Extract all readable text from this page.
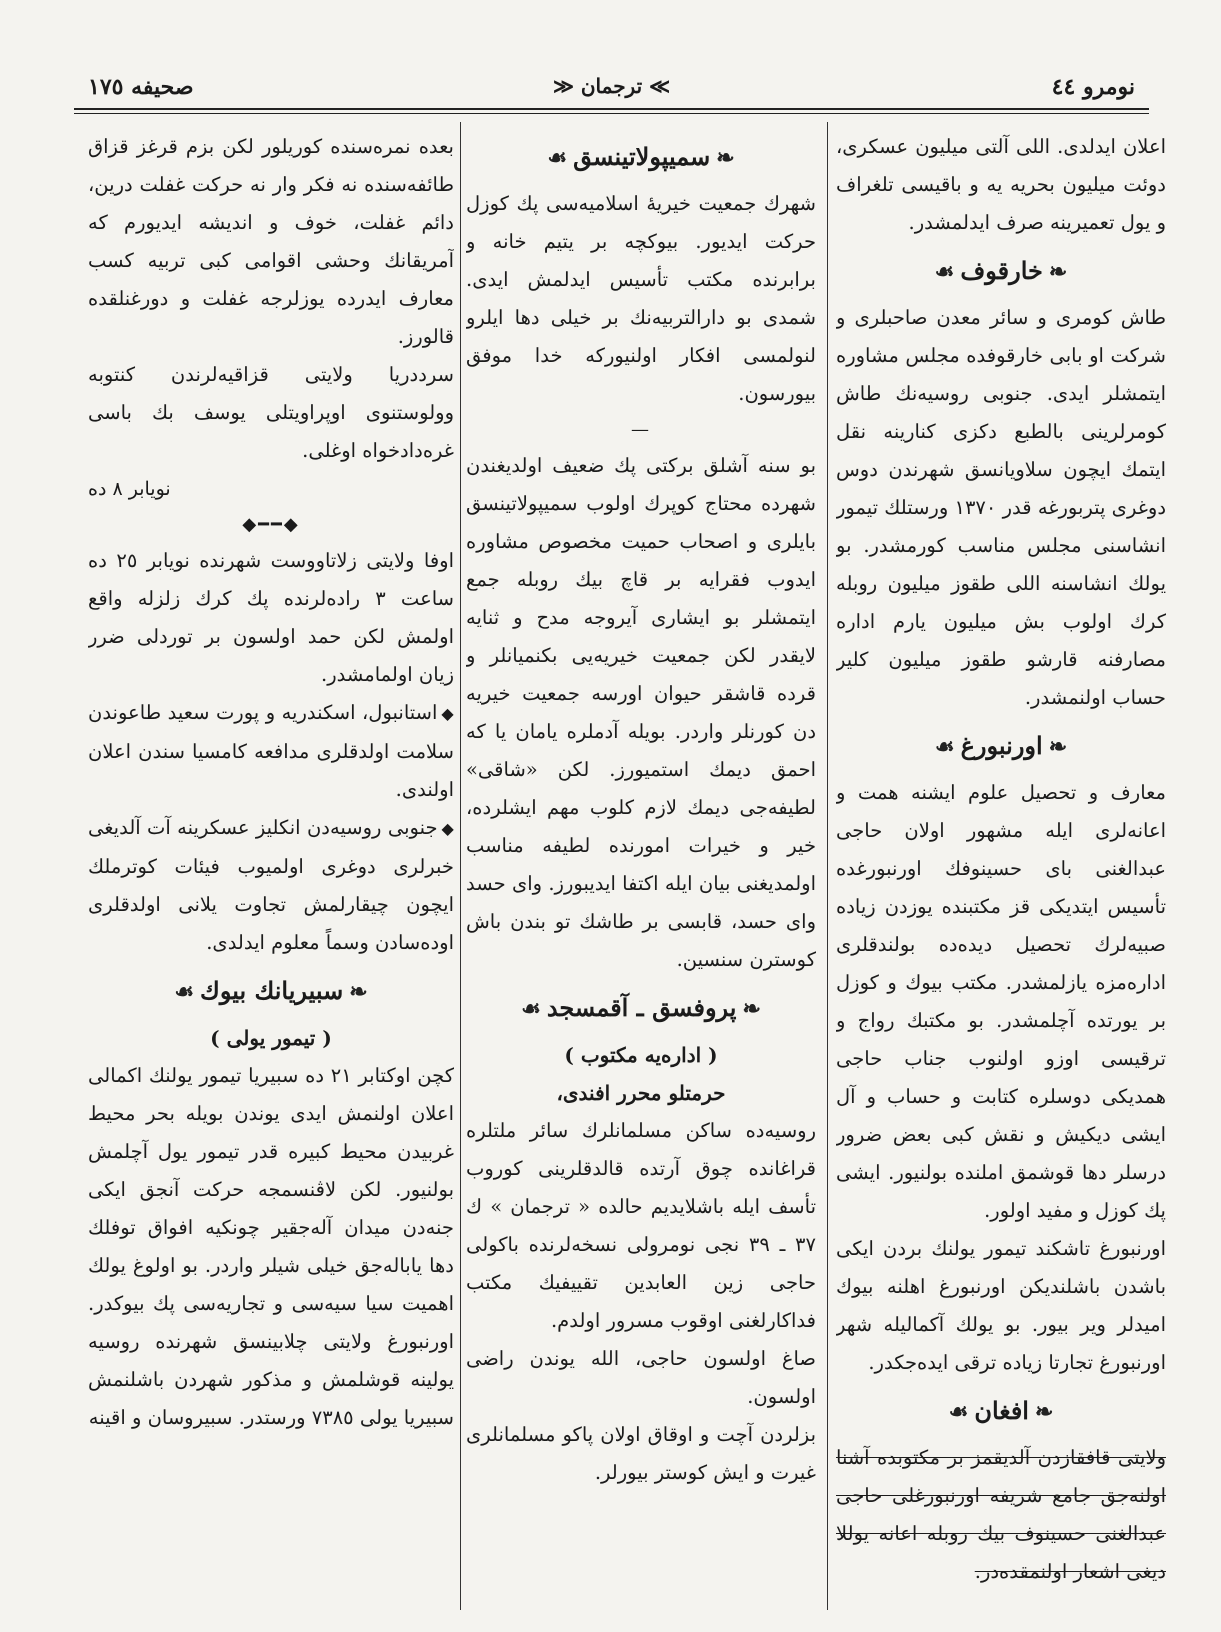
نومرو ٤٤
≫ ترجمان ≪
صحیفه ١٧٥

اعلان ایدلدی. اللی آلتی میلیون عسکری، دوئت میلیون بحریه یه و باقیسی تلغراف و یول تعمیرینه صرف ایدلمشدر.

❧خارقوف☙

طاش کومری و سائر معدن صاحبلری و شرکت او بابی خارقوفده مجلس مشاوره ایتمشلر ایدی. جنوبی روسیه‌نك طاش کومرلرینی بالطبع دکزی کنارینه نقل ایتمك ایچون سلاویانسق شهرندن دوس دوغری پتربورغه قدر ١٣٧٠ ورستلك تیمور انشاسنی مجلس مناسب کورمشدر. بو یولك انشاسنه اللی طقوز میلیون روبله کرك اولوب بش میلیون یارم اداره مصارفنه قارشو طقوز میلیون کلیر حساب اولنمشدر.

❧اورنبورغ☙

معارف و تحصیل علوم ایشنه همت و اعانه‌لری ایله مشهور اولان حاجی عبدالغنی بای حسینوفك اورنبورغده تأسیس ایتدیکی قز مکتبنده یوزدن زیاده صبیه‌لرك تحصیل دیده‌ده بولندقلری اداره‌مزه یازلمشدر. مکتب بیوك و کوزل بر یورتده آچلمشدر. بو مکتبك رواج و ترقیسی اوزو اولنوب جناب حاجی همدیکی دوسلره کتابت و حساب و آل ایشی دیکیش و نقش کبی بعض ضرور درسلر دها قوشمق املنده بولنیور. ایشی پك کوزل و مفید اولور.

اورنبورغ تاشکند تیمور یولنك بردن ایکی باشدن باشلندیکن اورنبورغ اهلنه بیوك امیدلر ویر بیور. بو یولك آکمالیله شهر اورنبورغ تجارتا زیاده ترقی ایده‌جکدر.

❧افغان☙

ولایتی قافقازدن آلدیقمز بر مکتوبده آشنا اولنه‌جق جامع شریفه اورنبورغلی حاجی عبدالغنی حسینوف بیك روبله اعانه یوللا دیغی اشعار اولنمقده‌در.

❧سمیپولاتینسق☙

شهرك جمعیت خیریهٔ اسلامیه‌سی پك کوزل حرکت ایدیور. بیوکچه بر یتیم خانه و برابرنده مکتب تأسیس ایدلمش ایدی. شمدی بو دارالتربیه‌نك بر خیلی دها ایلرو لنولمسی افکار اولنیورکه خدا موفق بیورسون.

—

بو سنه آشلق برکتی پك ضعیف اولدیغندن شهرده محتاج کوپرك اولوب سمیپولاتینسق بایلری و اصحاب حمیت مخصوص مشاوره ایدوب فقرایه بر قاچ بیك روبله جمع ایتمشلر بو ایشاری آیروجه مدح و ثنایه لایقدر لکن جمعیت خیریه‌یی بکنمیانلر و قرده قاشقر حیوان اورسه جمعیت خیریه دن کورنلر واردر. بویله آدملره یامان یا که احمق دیمك استمیورز. لکن «شاقی» لطیفه‌جی دیمك لازم کلوب مهم ایشلرده، خیر و خیرات امورنده لطیفه مناسب اولمدیغنی بیان ایله اکتفا ایدیبورز. وای حسد وای حسد، قابسی بر طاشك تو بندن باش کوسترن سنسین.

❧پروفسق ـ آقمسجد☙
( اداره‌یه مکتوب )
حرمتلو محرر افندی،

روسیه‌ده ساکن مسلمانلرك سائر ملتلره قراغانده چوق آرتده قالدقلرینی کوروب تأسف ایله باشلایدیم حالده « ترجمان » ك ٣٧ ـ ٣٩ نجی نومرولی نسخه‌لرنده باکولی حاجی زین العابدین تقییفیك مکتب فداکارلغنی اوقوب مسرور اولدم.

صاغ اولسون حاجی، الله یوندن راضی اولسون.

بزلردن آچت و اوقاق اولان پاکو مسلمانلری غیرت و ایش کوستر بیورلر.

بعده نمره‌سنده کوریلور لکن بزم قرغز قزاق طائفه‌سنده نه فکر وار نه حرکت غفلت درین، دائم غفلت، خوف و اندیشه ایدیورم که آمریقانك وحشی اقوامی کبی تربیه کسب معارف ایدرده یوزلرجه غفلت و دورغنلقده قالورز.

سرددریا ولایتی قزاقیه‌لرندن کنتوبه وولوستنوی اوپراویتلی یوسف بك باسی غره‌دادخواه اوغلی.

نویابر ٨ ده
◆━━◆

اوفا ولایتی زلاتاووست شهرنده نویابر ٢٥ ده ساعت ٣ راده‌لرنده پك کرك زلزله واقع اولمش لکن حمد اولسون بر توردلی ضرر زیان اولمامشدر.

◆استانبول، اسکندریه و پورت سعید طاعوندن سلامت اولدقلری مدافعه کامسیا سندن اعلان اولندی.

◆جنوبی روسیه‌دن انکلیز عسکرینه آت آلدیغی خبرلری دوغری اولمیوب فیئات کوترملك ایچون چیقارلمش تجاوت یلانی اولدقلری اوده‌سادن وسماً معلوم ایدلدی.

❧سبیریانك بیوك☙
( تیمور یولی )

کچن اوکتابر ٢١ ده سبیریا تیمور یولنك اکمالی اعلان اولنمش ایدی یوندن بویله بحر محیط غربیدن محیط کبیره قدر تیمور یول آچلمش بولنیور. لکن لاڤنسمجه حرکت آنجق ایکی جنه‌دن میدان آله‌جقیر چونکیه افواق توفلك دها یاباله‌جق خیلی شیلر واردر. بو اولوغ یولك اهمیت سیا سیه‌سی و تجاریه‌سی پك بیوکدر. اورنبورغ ولایتی چلابینسق شهرنده روسیه یولینه قوشلمش و مذکور شهردن باشلنمش سبیریا یولی ٧٣٨٥ ورستدر. سبیروسان و اقینه
